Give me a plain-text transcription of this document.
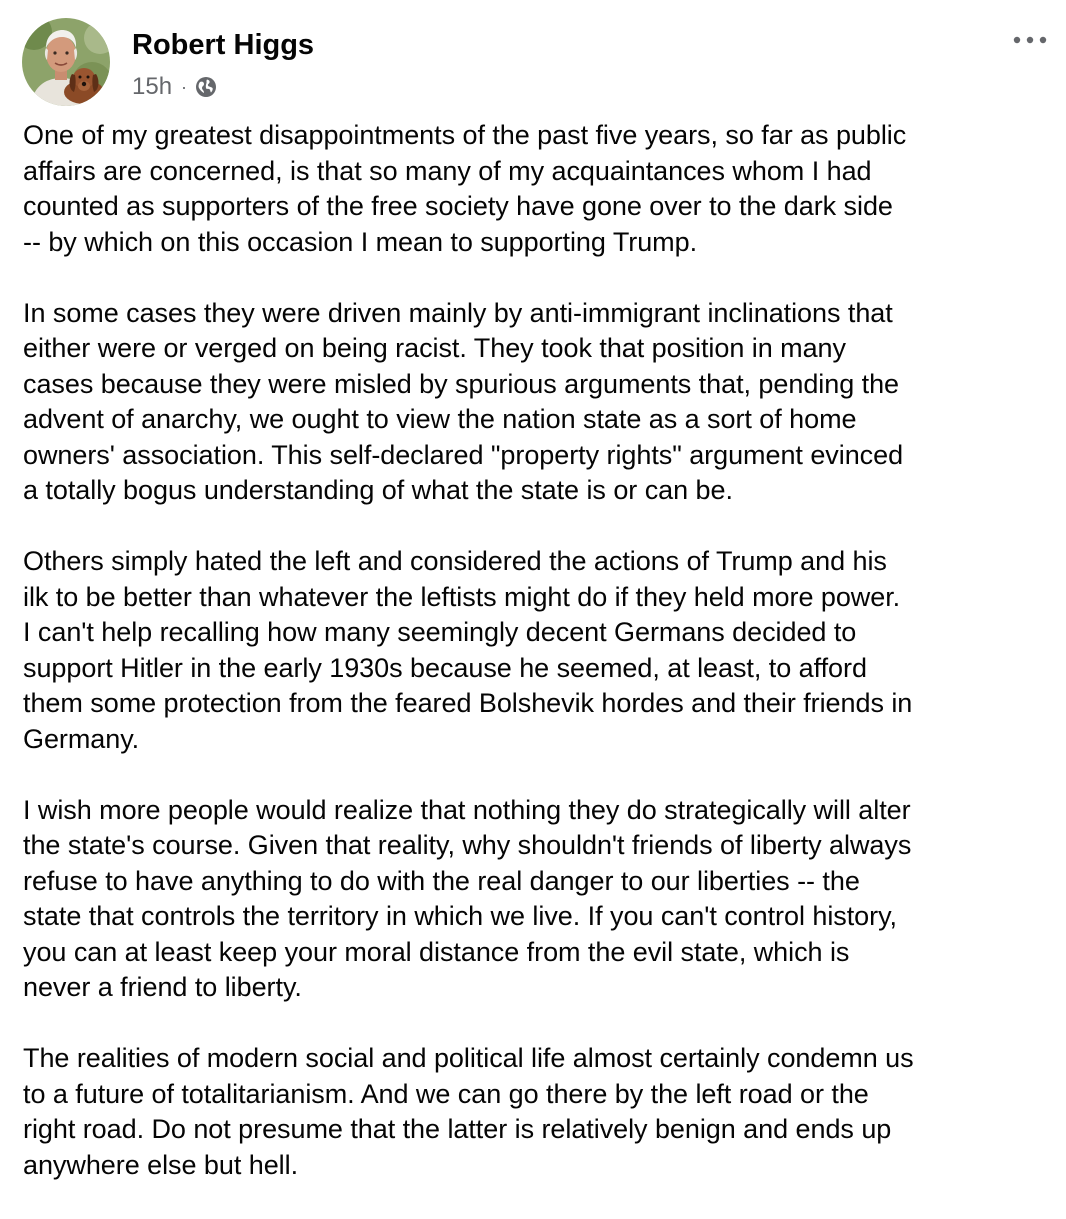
Robert Higgs
15h ·

One of my greatest disappointments of the past five years, so far as public
affairs are concerned, is that so many of my acquaintances whom I had
counted as supporters of the free society have gone over to the dark side
-- by which on this occasion I mean to supporting Trump.

In some cases they were driven mainly by anti-immigrant inclinations that
either were or verged on being racist. They took that position in many
cases because they were misled by spurious arguments that, pending the
advent of anarchy, we ought to view the nation state as a sort of home
owners' association. This self-declared "property rights" argument evinced
a totally bogus understanding of what the state is or can be.

Others simply hated the left and considered the actions of Trump and his
ilk to be better than whatever the leftists might do if they held more power.
I can't help recalling how many seemingly decent Germans decided to
support Hitler in the early 1930s because he seemed, at least, to afford
them some protection from the feared Bolshevik hordes and their friends in
Germany.

I wish more people would realize that nothing they do strategically will alter
the state's course. Given that reality, why shouldn't friends of liberty always
refuse to have anything to do with the real danger to our liberties -- the
state that controls the territory in which we live. If you can't control history,
you can at least keep your moral distance from the evil state, which is
never a friend to liberty.

The realities of modern social and political life almost certainly condemn us
to a future of totalitarianism. And we can go there by the left road or the
right road. Do not presume that the latter is relatively benign and ends up
anywhere else but hell.
